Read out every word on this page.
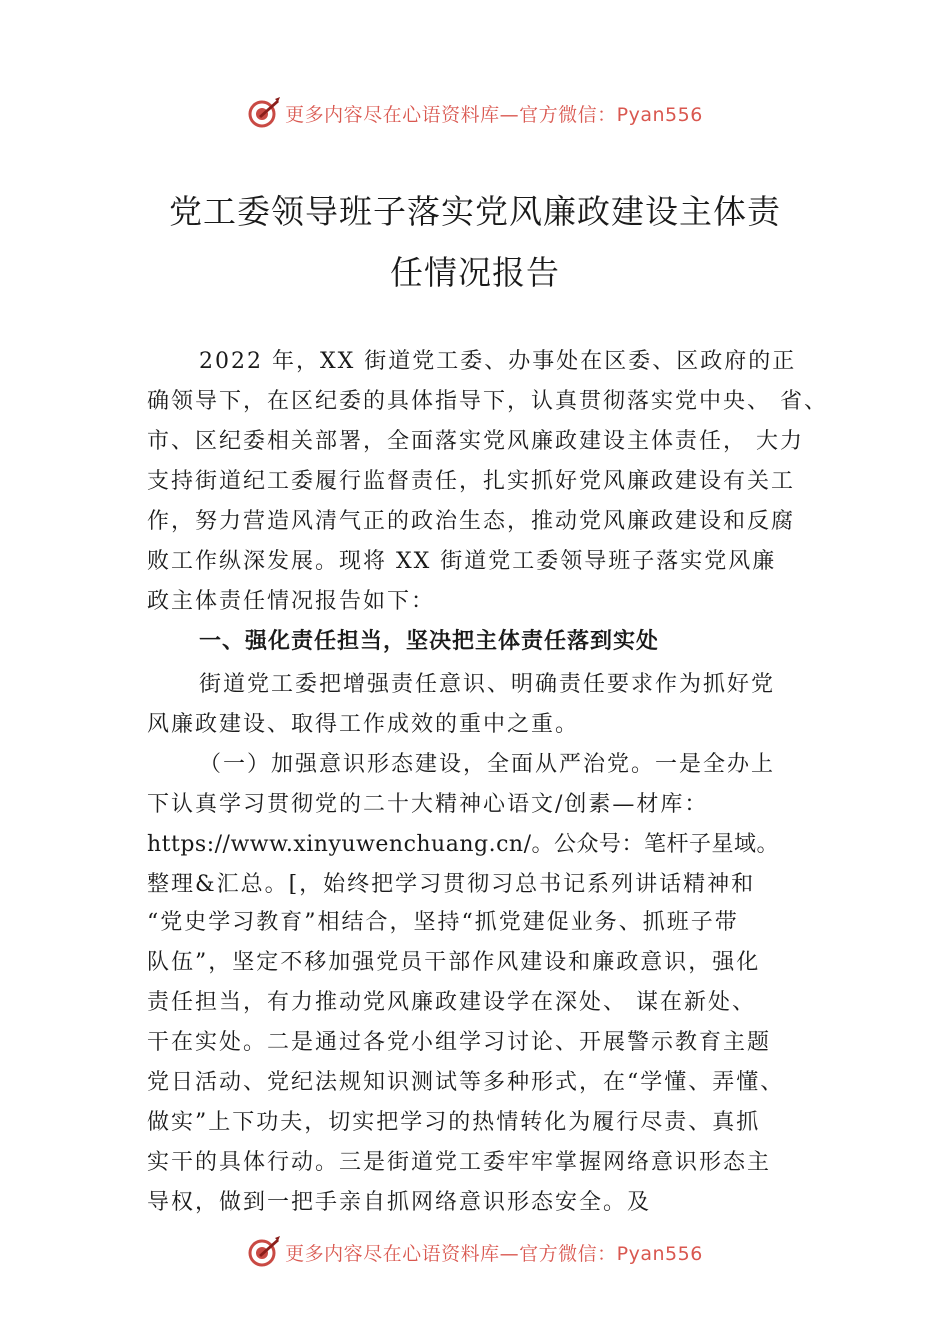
更多内容尽在心语资料库—官方微信：Pyan556
党工委领导班子落实党风廉政建设主体责
任情况报告
2022 年，XX 街道党工委、办事处在区委、区政府的正
确领导下，在区纪委的具体指导下，认真贯彻落实党中央、 省、
市、区纪委相关部署，全面落实党风廉政建设主体责任， 大力
支持街道纪工委履行监督责任，扎实抓好党风廉政建设有关工
作，努力营造风清气正的政治生态，推动党风廉政建设和反腐
败工作纵深发展。现将 XX 街道党工委领导班子落实党风廉
政主体责任情况报告如下：
一、强化责任担当，坚决把主体责任落到实处
街道党工委把增强责任意识、明确责任要求作为抓好党
风廉政建设、取得工作成效的重中之重。
（一）加强意识形态建设，全面从严治党。一是全办上
下认真学习贯彻党的二十大精神心语文/创素—材库：
https://www.xinyuwenchuang.cn/。公众号：笔杆子星域。
整理&汇总。[，始终把学习贯彻习总书记系列讲话精神和
“党史学习教育”相结合，坚持“抓党建促业务、抓班子带
队伍”，坚定不移加强党员干部作风建设和廉政意识，强化
责任担当，有力推动党风廉政建设学在深处、 谋在新处、
干在实处。二是通过各党小组学习讨论、开展警示教育主题
党日活动、党纪法规知识测试等多种形式，在“学懂、弄懂、
做实”上下功夫，切实把学习的热情转化为履行尽责、真抓
实干的具体行动。三是街道党工委牢牢掌握网络意识形态主
导权，做到一把手亲自抓网络意识形态安全。及
更多内容尽在心语资料库—官方微信：Pyan556
